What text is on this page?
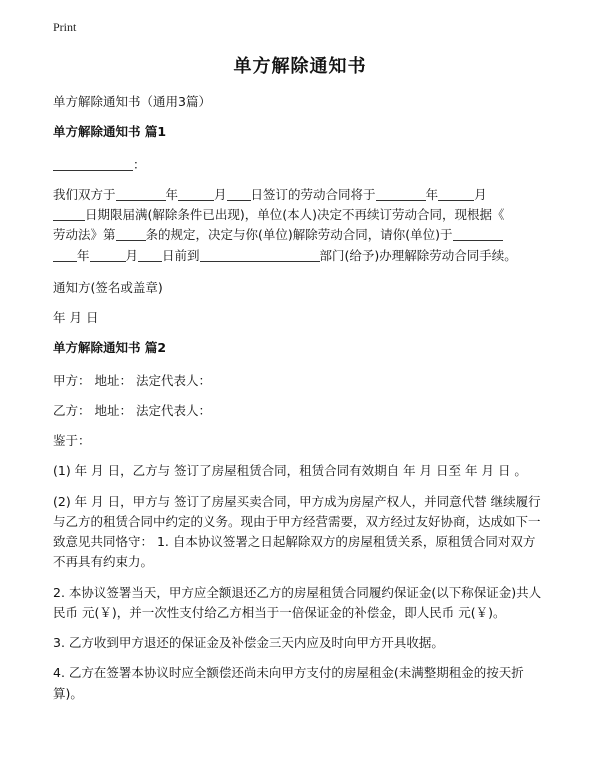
Print
单方解除通知书
单方解除通知书（通用3篇）
单方解除通知书 篇1
：
我们双方于	年	月 日签订的劳动合同将于	年	月
日期限届满(解除条件已出现)，单位(本人)决定不再续订劳动合同，现根据《
劳动法》第 条的规定，决定与你(单位)解除劳动合同，请你(单位)于
年	月 日前到	部门(给予)办理解除劳动合同手续。
通知方(签名或盖章)
年 月 日
单方解除通知书 篇2
甲方： 地址： 法定代表人：
乙方： 地址： 法定代表人：
鉴于：
(1) 年 月 日，乙方与 签订了房屋租赁合同，租赁合同有效期自 年 月 日至 年 月 日 。
(2) 年 月 日，甲方与 签订了房屋买卖合同，甲方成为房屋产权人，并同意代替 继续履行与乙方的租赁合同中约定的义务。现由于甲方经营需要，双方经过友好协商，达成如下一致意见共同恪守： 1. 自本协议签署之日起解除双方的房屋租赁关系，原租赁合同对双方不再具有约束力。
2. 本协议签署当天，甲方应全额退还乙方的房屋租赁合同履约保证金(以下称保证金)共人民币 元(￥)，并一次性支付给乙方相当于一倍保证金的补偿金，即人民币 元(￥)。
3. 乙方收到甲方退还的保证金及补偿金三天内应及时向甲方开具收据。
4. 乙方在签署本协议时应全额偿还尚未向甲方支付的房屋租金(未满整期租金的按天折算)。
